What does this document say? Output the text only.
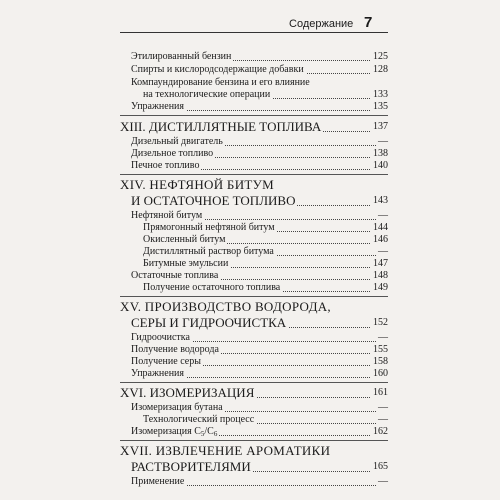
Содержание 7
Этилированный бензин	125
Спирты и кислородсодержащие добавки	128
Компаундирование бензина и его влияние
на технологические операции	133
Упражнения	135
XIII. ДИСТИЛЛЯТНЫЕ ТОПЛИВА	137
Дизельный двигатель	—
Дизельное топливо	138
Печное топливо	140
XIV. НЕФТЯНОЙ БИТУМ
И ОСТАТОЧНОЕ ТОПЛИВО	143
Нефтяной битум	—
Прямогонный нефтяной битум	144
Окисленный битум	146
Дистиллятный раствор битума	—
Битумные эмульсии	147
Остаточные топлива	148
Получение остаточного топлива	149
XV. ПРОИЗВОДСТВО ВОДОРОДА,
СЕРЫ И ГИДРООЧИСТКА	152
Гидроочистка	—
Получение водорода	155
Получение серы	158
Упражнения	160
XVI. ИЗОМЕРИЗАЦИЯ	161
Изомеризация бутана	—
Технологический процесс	—
Изомеризация $C_5/C_6$	162
XVII. ИЗВЛЕЧЕНИЕ АРОМАТИКИ
РАСТВОРИТЕЛЯМИ	165
Применение	—
